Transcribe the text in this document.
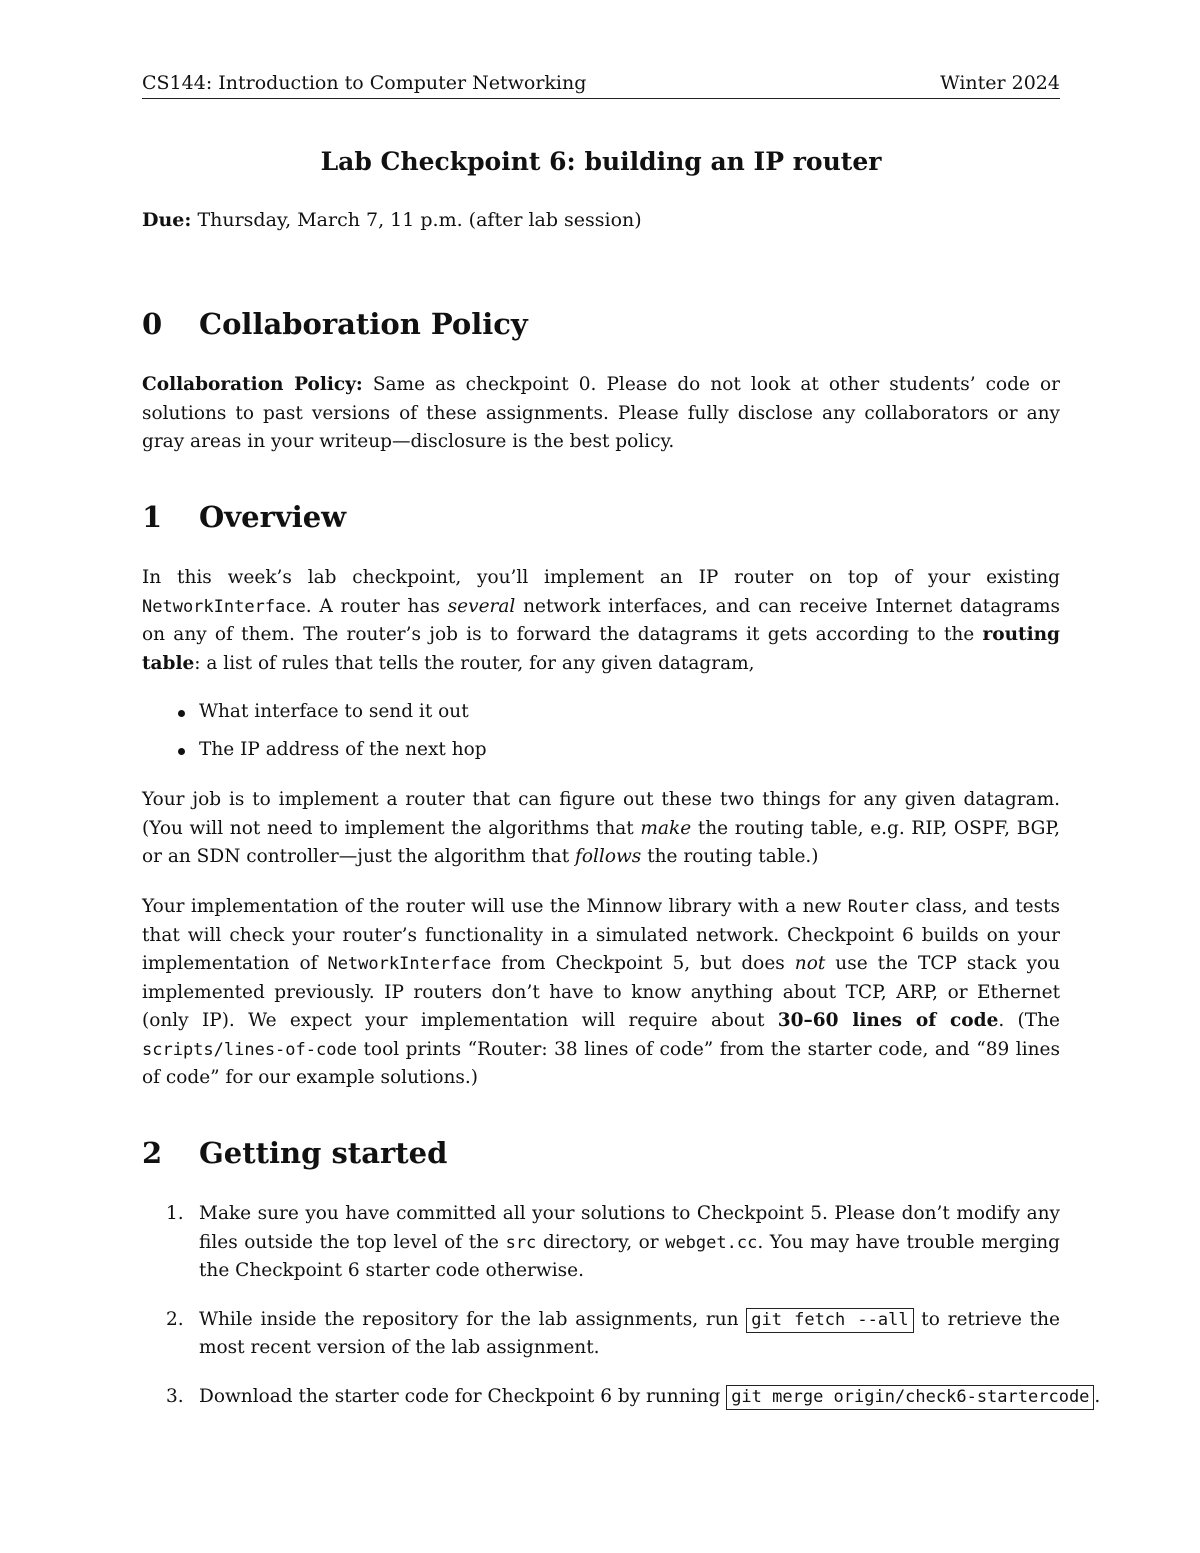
CS144: Introduction to Computer Networking	Winter 2024
Lab Checkpoint 6: building an IP router
Due: Thursday, March 7, 11 p.m. (after lab session)
0 Collaboration Policy
Collaboration Policy: Same as checkpoint 0. Please do not look at other students’ code or solutions to past versions of these assignments. Please fully disclose any collaborators or any gray areas in your writeup—disclosure is the best policy.
1 Overview
In this week’s lab checkpoint, you’ll implement an IP router on top of your existing NetworkInterface. A router has several network interfaces, and can receive Internet datagrams on any of them. The router’s job is to forward the datagrams it gets according to the routing table: a list of rules that tells the router, for any given datagram,
What interface to send it out
The IP address of the next hop
Your job is to implement a router that can figure out these two things for any given datagram. (You will not need to implement the algorithms that make the routing table, e.g. RIP, OSPF, BGP, or an SDN controller—just the algorithm that follows the routing table.)
Your implementation of the router will use the Minnow library with a new Router class, and tests that will check your router’s functionality in a simulated network. Checkpoint 6 builds on your implementation of NetworkInterface from Checkpoint 5, but does not use the TCP stack you implemented previously. IP routers don’t have to know anything about TCP, ARP, or Ethernet (only IP). We expect your implementation will require about 30–60 lines of code. (The scripts/lines-of-code tool prints “Router: 38 lines of code” from the starter code, and “89 lines of code” for our example solutions.)
2 Getting started
1. Make sure you have committed all your solutions to Checkpoint 5. Please don’t modify any files outside the top level of the src directory, or webget.cc. You may have trouble merging the Checkpoint 6 starter code otherwise.
2. While inside the repository for the lab assignments, run git fetch --all to retrieve the most recent version of the lab assignment.
3. Download the starter code for Checkpoint 6 by running git merge origin/check6-startercode .
